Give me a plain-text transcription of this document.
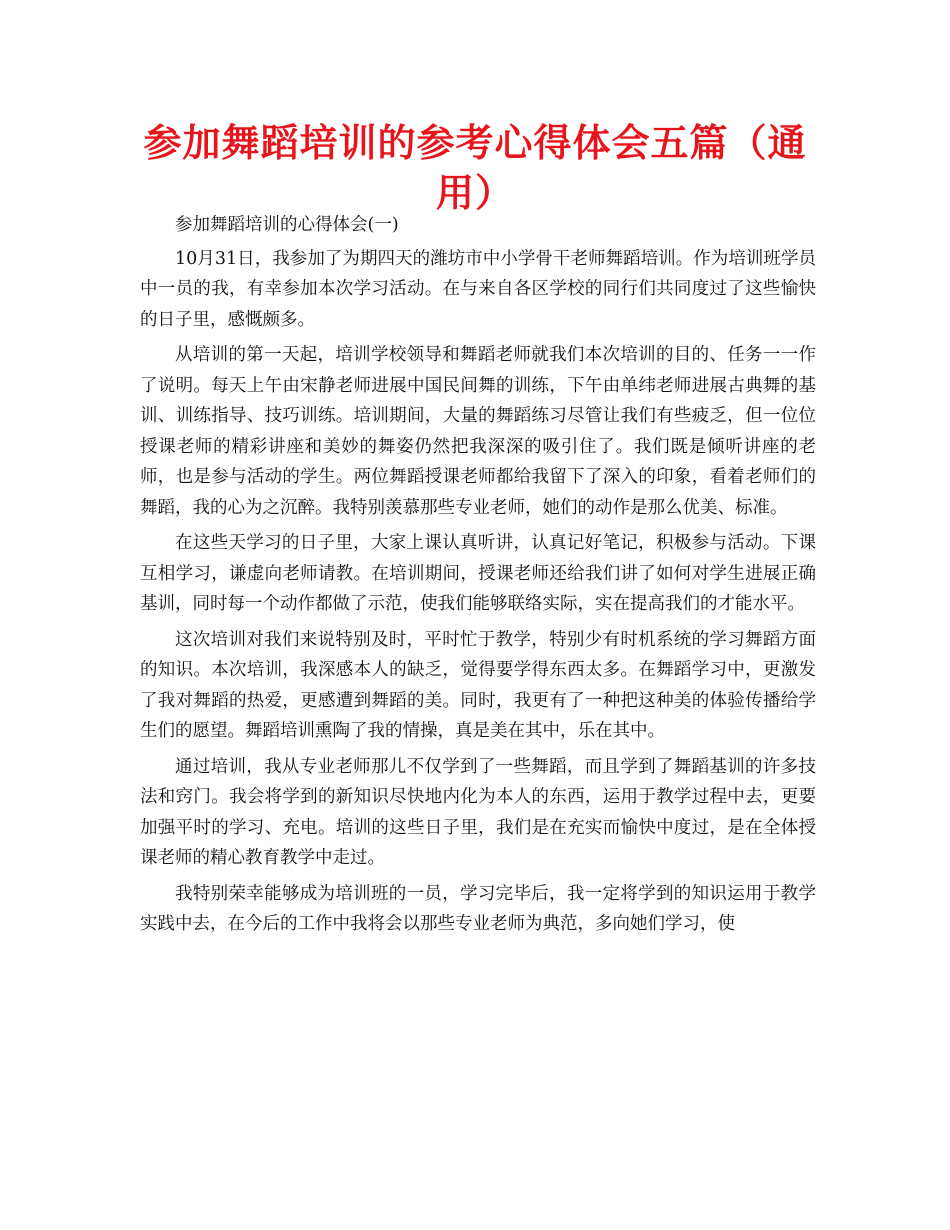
参加舞蹈培训的参考心得体会五篇（通用）
参加舞蹈培训的心得体会(一)

10月31日，我参加了为期四天的潍坊市中小学骨干老师舞蹈培训。作为培训班学员中一员的我，有幸参加本次学习活动。在与来自各区学校的同行们共同度过了这些愉快的日子里，感慨颇多。

从培训的第一天起，培训学校领导和舞蹈老师就我们本次培训的目的、任务一一作了说明。每天上午由宋静老师进展中国民间舞的训练，下午由单纬老师进展古典舞的基训、训练指导、技巧训练。培训期间，大量的舞蹈练习尽管让我们有些疲乏，但一位位授课老师的精彩讲座和美妙的舞姿仍然把我深深的吸引住了。我们既是倾听讲座的老师，也是参与活动的学生。两位舞蹈授课老师都给我留下了深入的印象，看着老师们的舞蹈，我的心为之沉醉。我特别羡慕那些专业老师，她们的动作是那么优美、标准。

在这些天学习的日子里，大家上课认真听讲，认真记好笔记，积极参与活动。下课互相学习，谦虚向老师请教。在培训期间，授课老师还给我们讲了如何对学生进展正确基训，同时每一个动作都做了示范，使我们能够联络实际，实在提高我们的才能水平。

这次培训对我们来说特别及时，平时忙于教学，特别少有时机系统的学习舞蹈方面的知识。本次培训，我深感本人的缺乏，觉得要学得东西太多。在舞蹈学习中，更激发了我对舞蹈的热爱，更感遭到舞蹈的美。同时，我更有了一种把这种美的体验传播给学生们的愿望。舞蹈培训熏陶了我的情操，真是美在其中，乐在其中。

通过培训，我从专业老师那儿不仅学到了一些舞蹈，而且学到了舞蹈基训的许多技法和窍门。我会将学到的新知识尽快地内化为本人的东西，运用于教学过程中去，更要加强平时的学习、充电。培训的这些日子里，我们是在充实而愉快中度过，是在全体授课老师的精心教育教学中走过。

我特别荣幸能够成为培训班的一员，学习完毕后，我一定将学到的知识运用于教学实践中去，在今后的工作中我将会以那些专业老师为典范，多向她们学习，使
